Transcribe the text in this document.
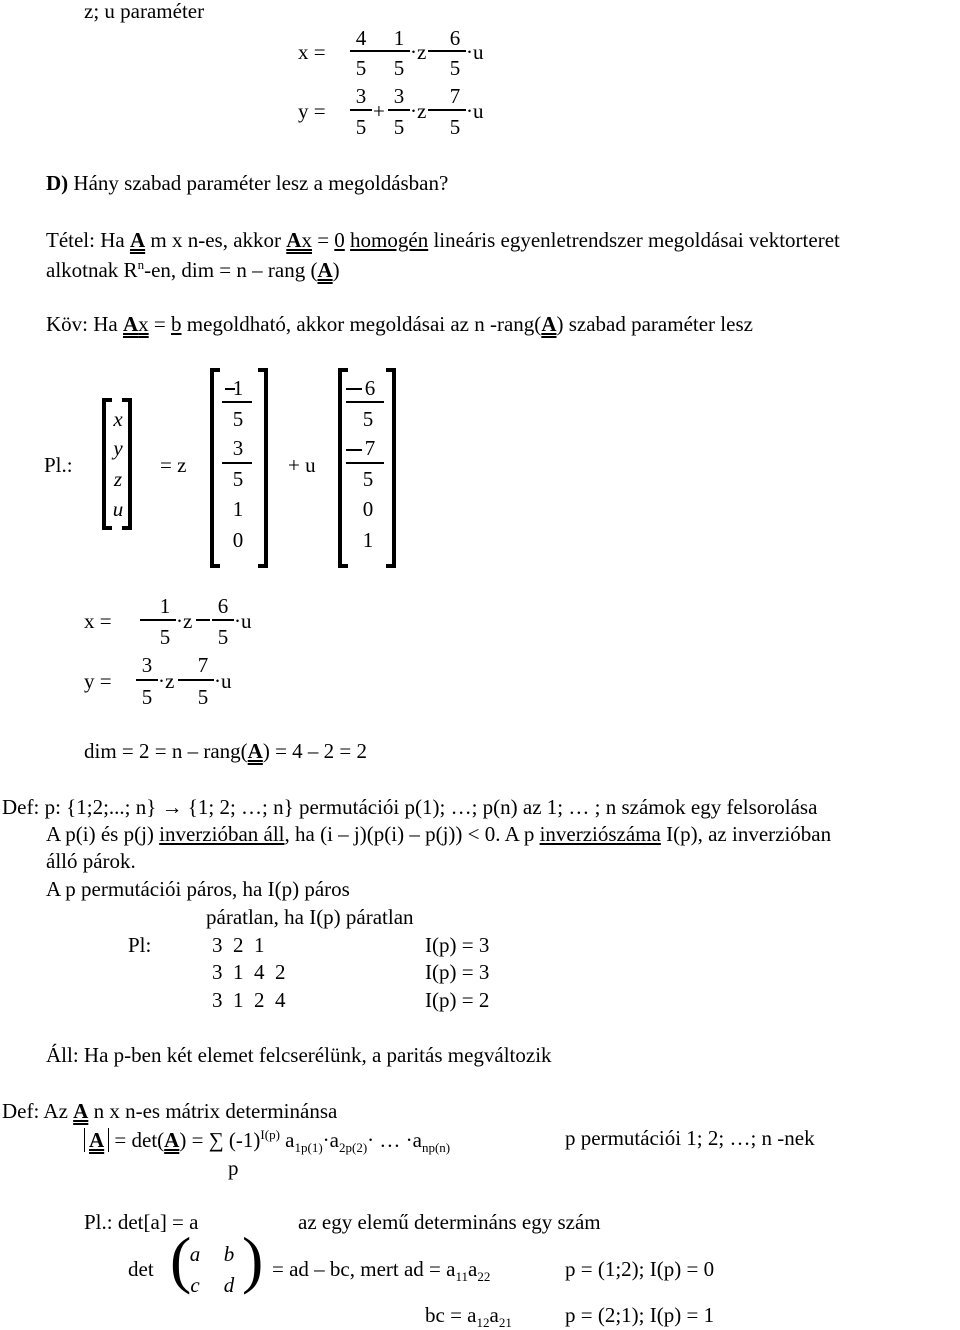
z; u paraméter
x =
4
5
1
5
·z
6
5
·u
y =
3
5
+
3
5
·z
7
5
·u
D) Hány szabad paraméter lesz a megoldásban?
Tétel: Ha A m x n-es, akkor Ax = 0 homogén lineáris egyenletrendszer megoldásai vektorteret
alkotnak $R^n-en$, dim = n – rang (A)
Köv: Ha Ax = b megoldható, akkor megoldásai az n -rang(A) szabad paraméter lesz
Pl.:
x
y
z
u
= z
1
5
3
5
1
0
+ u
6
5
7
5
0
1
x =
1
5
·z
6
5
·u
y =
3
5
·z
7
5
·u
dim = 2 = n – rang(A) = 4 – 2 = 2
Def: p: {1;2;...; n} → {1; 2; …; n} permutációi p(1); …; p(n) az 1; … ; n számok egy felsorolása
A p(i) és p(j) inverzióban áll, ha (i – j)(p(i) – p(j)) < 0. A p inverziószáma I(p), az inverzióban
álló párok.
A p permutációi páros, ha I(p) páros
páratlan, ha I(p) páratlan
Pl:	3  2  1	I(p) = 3
3  1  4  2	I(p) = 3
3  1  2  4	I(p) = 2
Áll: Ha p-ben két elemet felcserélünk, a paritás megváltozik
Def: Az A n x n-es mátrix determinánsa
A = det(A) = ∑ $(-1)^{I(p)}$ $a_{1p(1)}\cdot a_{2p(2)}\cdot$ … $\cdot a_{np(n)}$
p
p permutációi 1; 2; …; n -nek
Pl.: det[a] = a	az egy elemű determináns egy szám
det ( )
a	b
c	d
= ad – bc, mert ad = $a_{11}a_{22}$	p = (1;2); I(p) = 0
bc = $a_{12}a_{21}$	p = (2;1); I(p) = 1
